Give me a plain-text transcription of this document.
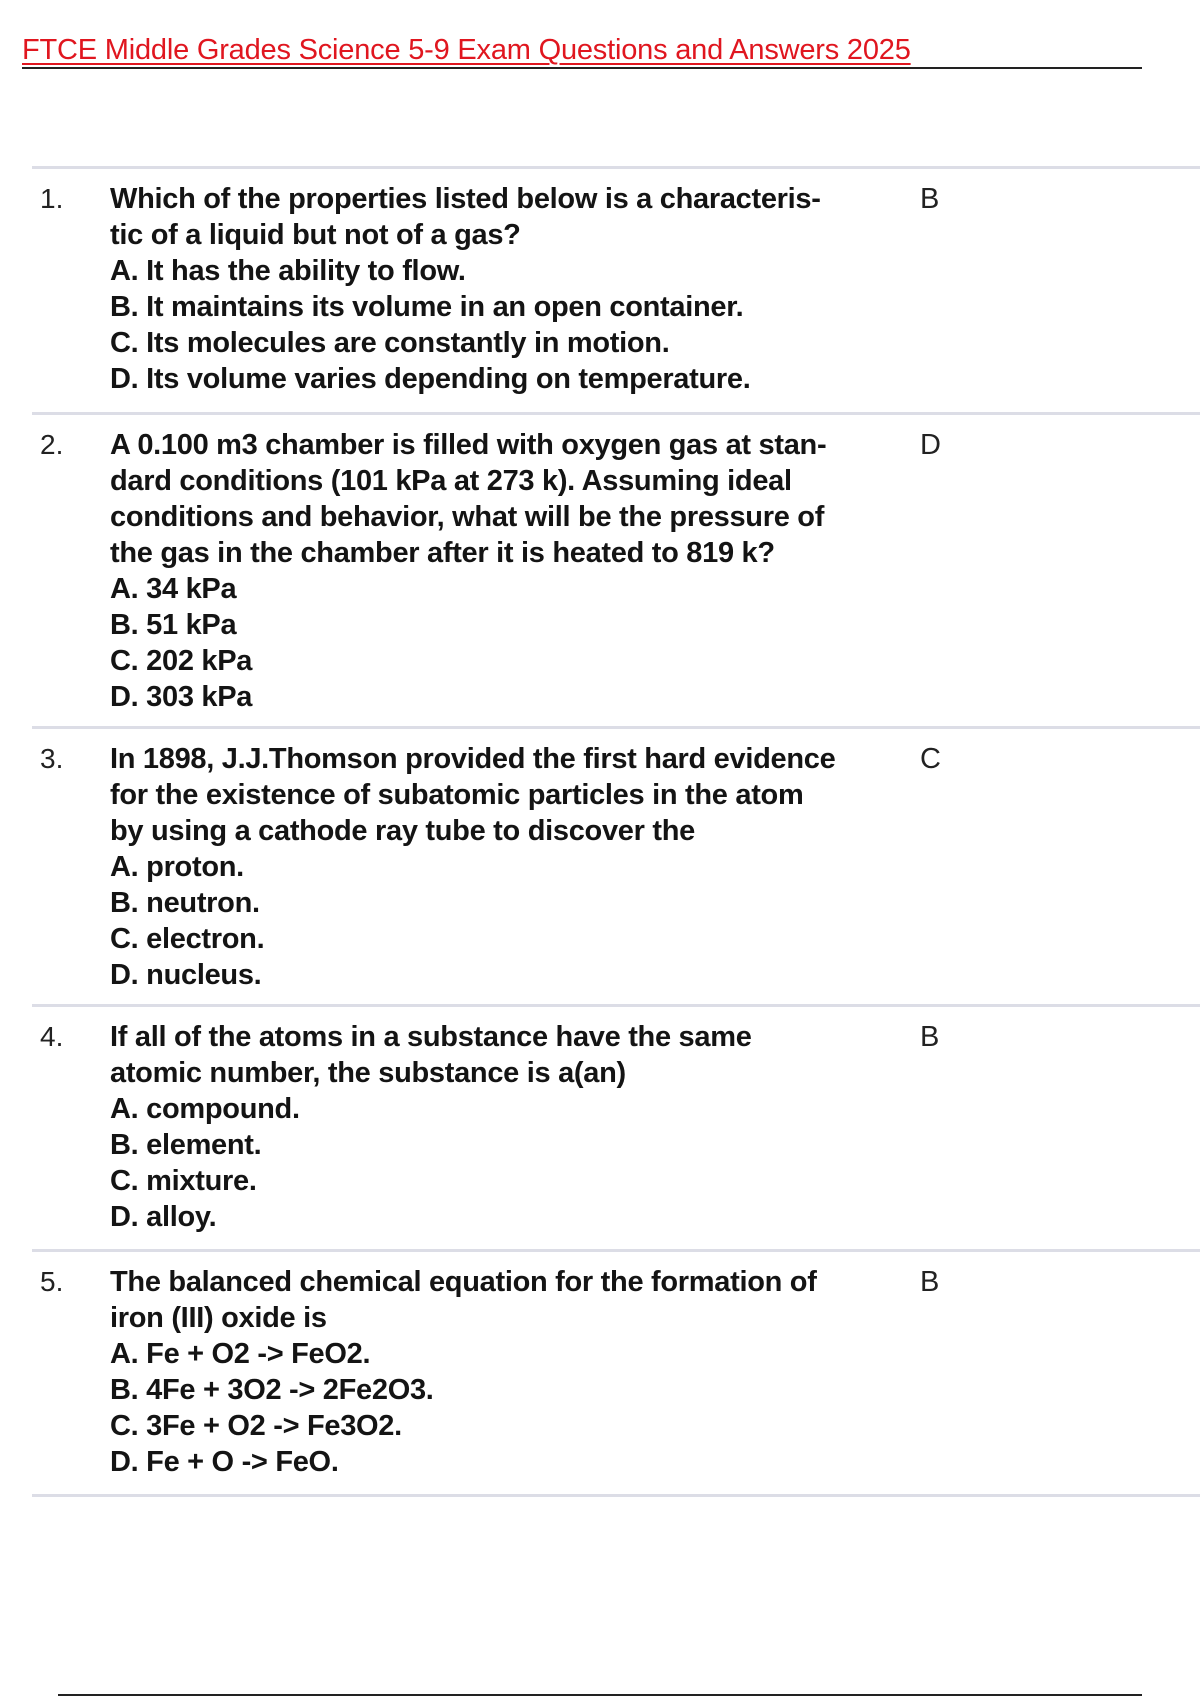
FTCE Middle Grades Science 5-9 Exam Questions and Answers 2025
1. Which of the properties listed below is a characteris-
tic of a liquid but not of a gas?
A. It has the ability to flow.
B. It maintains its volume in an open container.
C. Its molecules are constantly in motion.
D. Its volume varies depending on temperature.
B
2. A 0.100 m3 chamber is filled with oxygen gas at stan-
dard conditions (101 kPa at 273 k). Assuming ideal
conditions and behavior, what will be the pressure of
the gas in the chamber after it is heated to 819 k?
A. 34 kPa
B. 51 kPa
C. 202 kPa
D. 303 kPa
D
3. In 1898, J.J.Thomson provided the first hard evidence
for the existence of subatomic particles in the atom
by using a cathode ray tube to discover the
A. proton.
B. neutron.
C. electron.
D. nucleus.
C
4. If all of the atoms in a substance have the same
atomic number, the substance is a(an)
A. compound.
B. element.
C. mixture.
D. alloy.
B
5. The balanced chemical equation for the formation of
iron (III) oxide is
A. Fe + O2 -> FeO2.
B. 4Fe + 3O2 -> 2Fe2O3.
C. 3Fe + O2 -> Fe3O2.
D. Fe + O -> FeO.
B
